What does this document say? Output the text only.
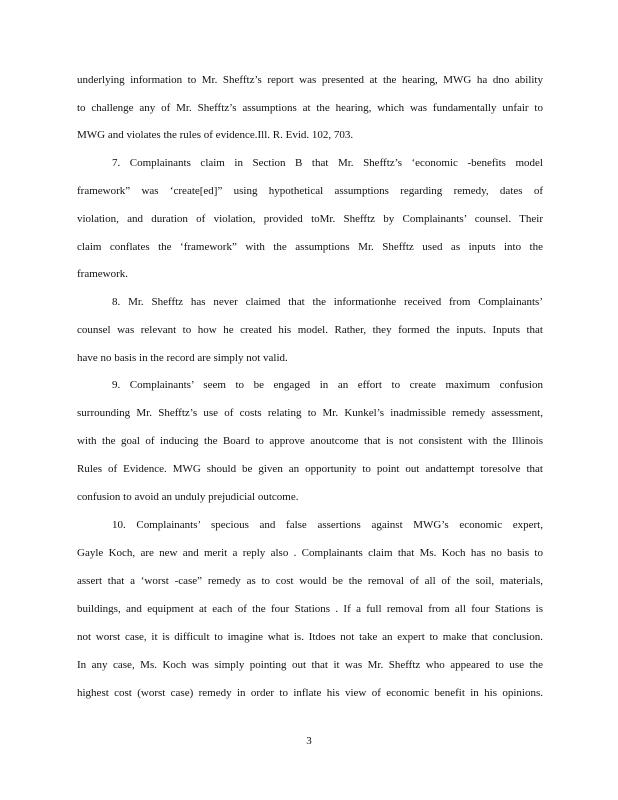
underlying information to Mr. Shefftz’s report was presented at the hearing, MWG ha dno ability
to challenge any of Mr. Shefftz’s assumptions at the hearing, which was fundamentally unfair to
MWG and violates the rules of evidence.Ill. R. Evid. 102, 703.
7. Complainants claim in Section B that Mr. Shefftz’s ‘economic -benefits model
framework” was ‘create[ed]” using hypothetical assumptions regarding remedy, dates of
violation, and duration of violation, provided toMr. Shefftz by Complainants’ counsel. Their
claim conflates the ‘framework” with the assumptions Mr. Shefftz used as inputs into the
framework.
8. Mr. Shefftz has never claimed that the informationhe received from Complainants’
counsel was relevant to how he created his model. Rather, they formed the inputs. Inputs that
have no basis in the record are simply not valid.
9. Complainants’ seem to be engaged in an effort to create maximum confusion
surrounding Mr. Shefftz’s use of costs relating to Mr. Kunkel’s inadmissible remedy assessment,
with the goal of inducing the Board to approve anoutcome that is not consistent with the Illinois
Rules of Evidence. MWG should be given an opportunity to point out andattempt toresolve that
confusion to avoid an unduly prejudicial outcome.
10. Complainants’ specious and false assertions against MWG’s economic expert,
Gayle Koch, are new and merit a reply also . Complainants claim that Ms. Koch has no basis to
assert that a ‘worst -case” remedy as to cost would be the removal of all of the soil, materials,
buildings, and equipment at each of the four Stations . If a full removal from all four Stations is
not worst case, it is difficult to imagine what is. Itdoes not take an expert to make that conclusion.
In any case, Ms. Koch was simply pointing out that it was Mr. Shefftz who appeared to use the
highest cost (worst case) remedy in order to inflate his view of economic benefit in his opinions.
3
